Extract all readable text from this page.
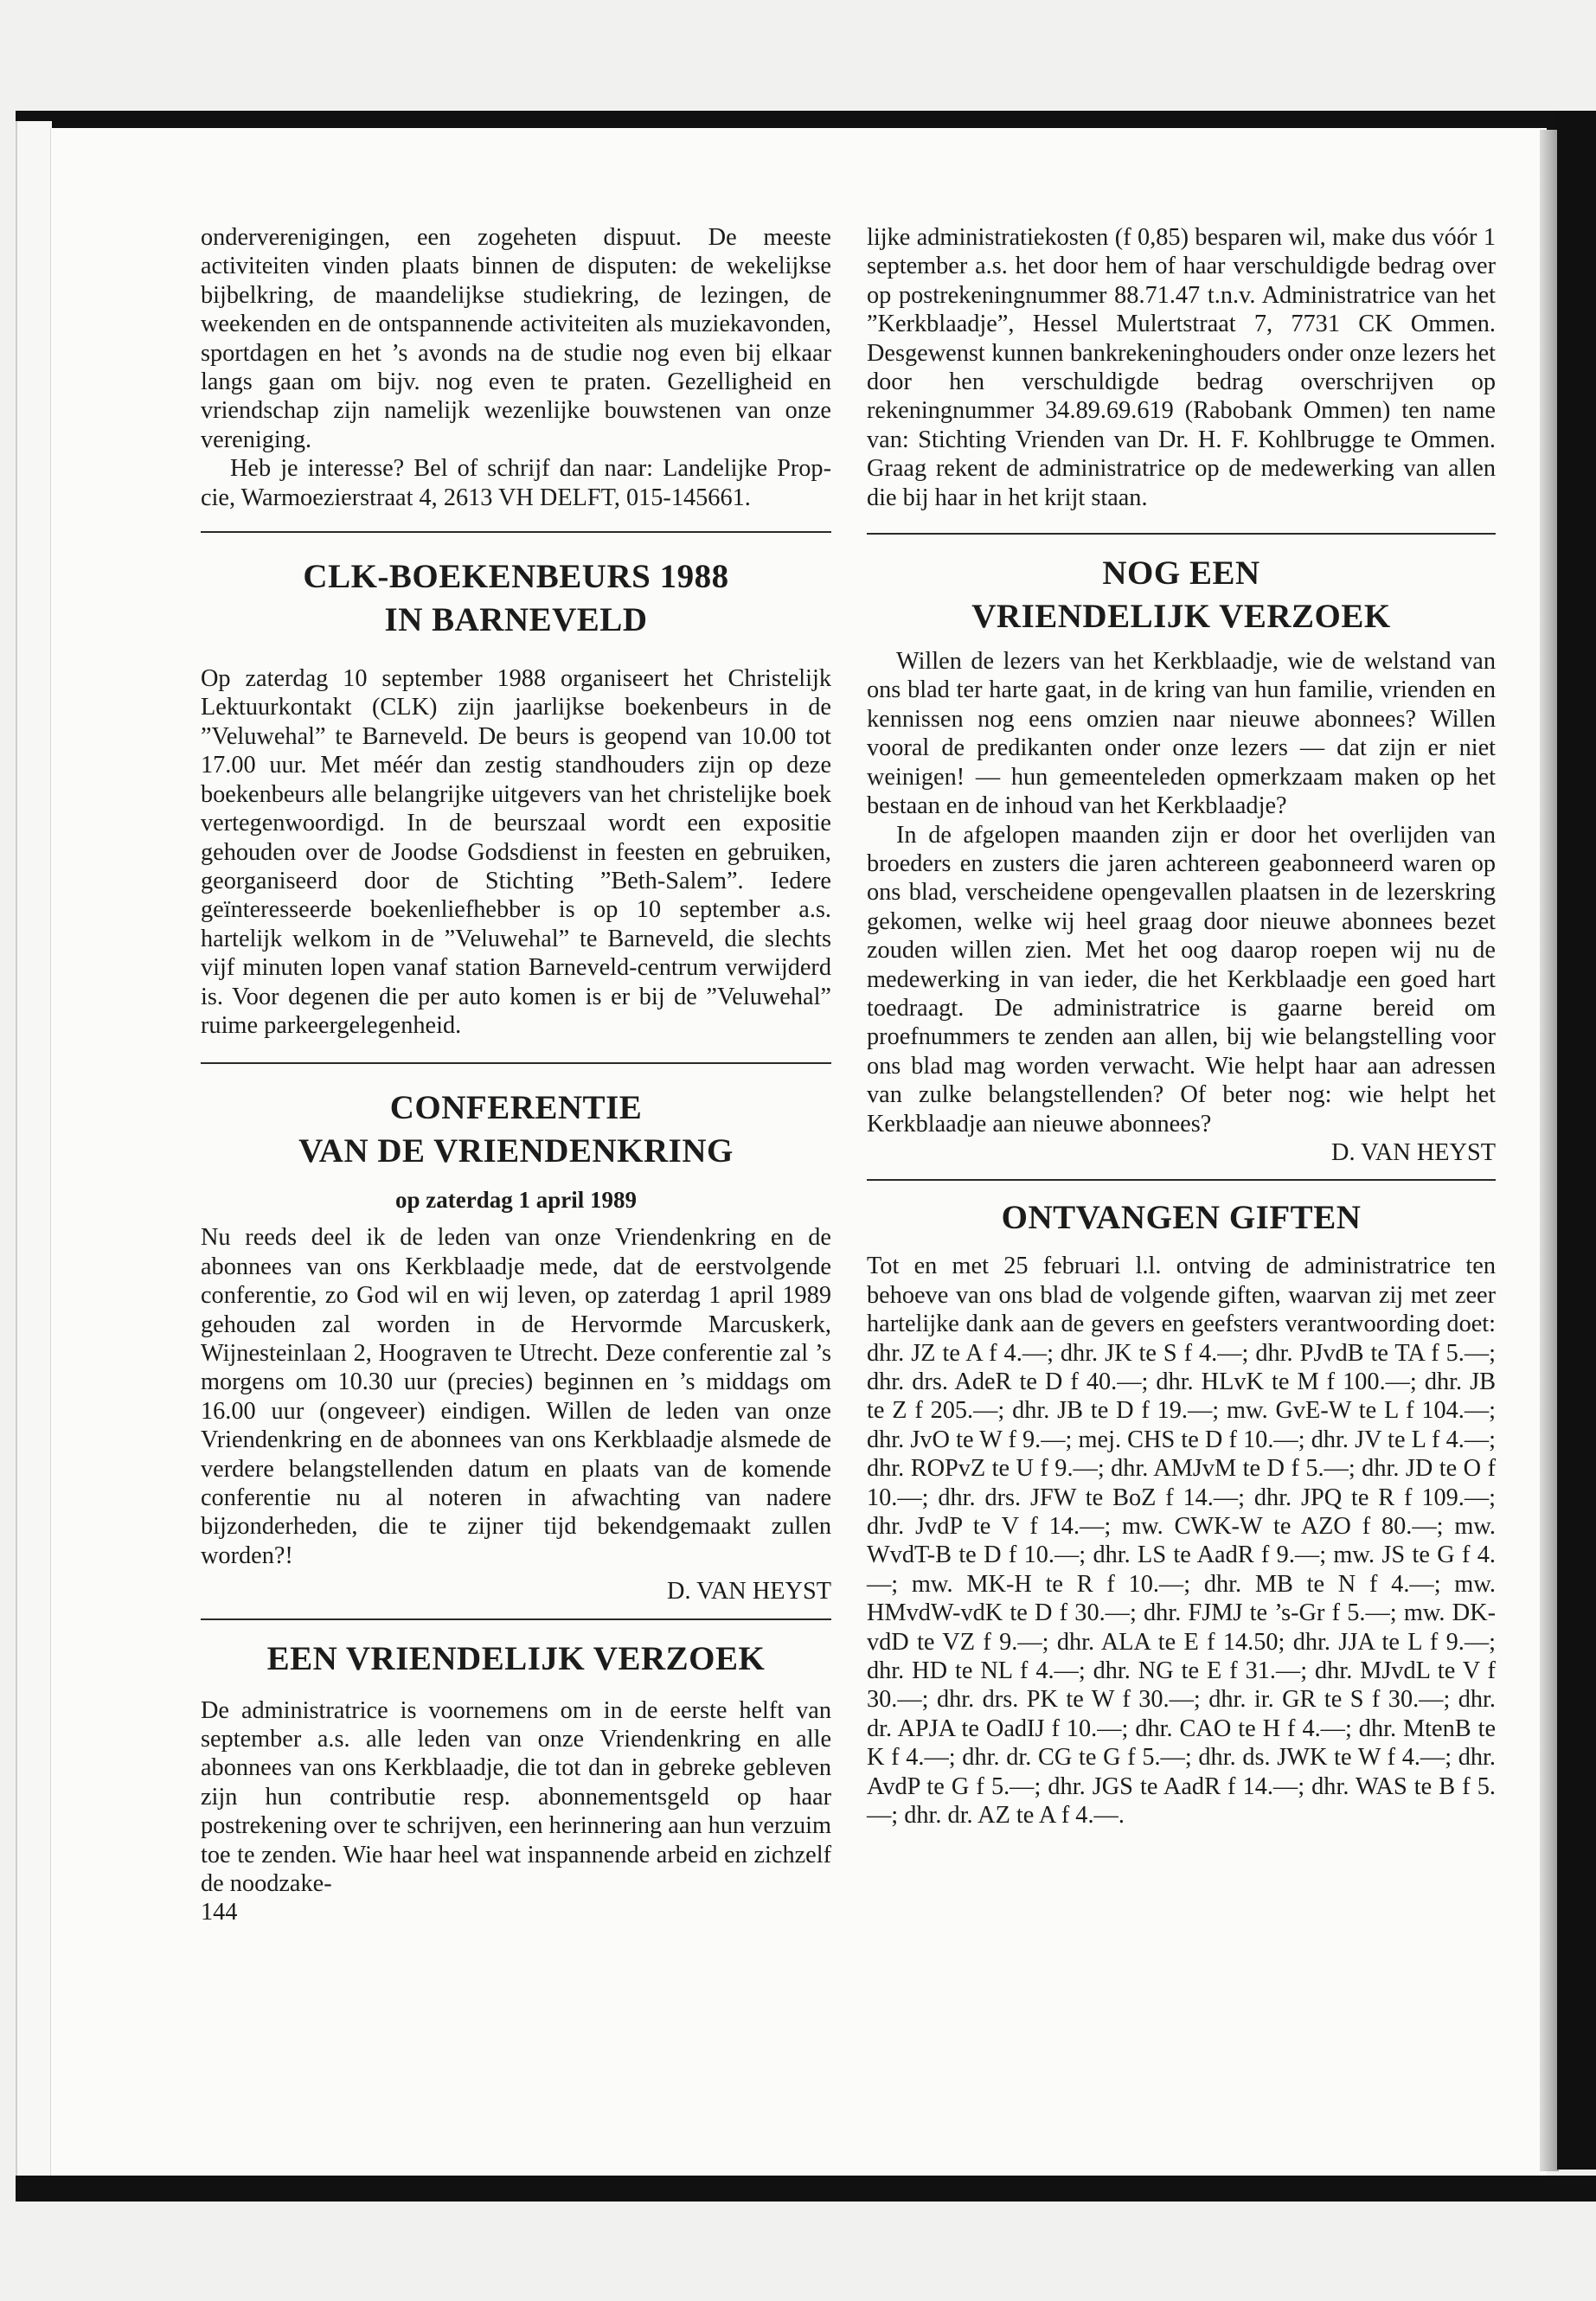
onderverenigingen, een zogeheten dispuut. De meeste activiteiten vinden plaats binnen de disputen: de wekelijkse bijbelkring, de maandelijkse studiekring, de lezingen, de weekenden en de ontspannende activiteiten als muziekavonden, sportdagen en het ’s avonds na de studie nog even bij elkaar langs gaan om bijv. nog even te praten. Gezelligheid en vriendschap zijn namelijk wezenlijke bouwstenen van onze vereniging.

Heb je interesse? Bel of schrijf dan naar: Landelijke Prop-cie, Warmoezierstraat 4, 2613 VH DELFT, 015-145661.

CLK-BOEKENBEURS 1988
IN BARNEVELD

Op zaterdag 10 september 1988 organiseert het Christelijk Lektuurkontakt (CLK) zijn jaarlijkse boekenbeurs in de ”Veluwehal” te Barneveld. De beurs is geopend van 10.00 tot 17.00 uur. Met méér dan zestig standhouders zijn op deze boekenbeurs alle belangrijke uitgevers van het christelijke boek vertegenwoordigd. In de beurszaal wordt een expositie gehouden over de Joodse Godsdienst in feesten en gebruiken, georganiseerd door de Stichting ”Beth-Salem”. Iedere geïnteresseerde boekenliefhebber is op 10 september a.s. hartelijk welkom in de ”Veluwehal” te Barneveld, die slechts vijf minuten lopen vanaf station Barneveld-centrum verwijderd is. Voor degenen die per auto komen is er bij de ”Veluwehal” ruime parkeergelegenheid.

CONFERENTIE
VAN DE VRIENDENKRING
op zaterdag 1 april 1989

Nu reeds deel ik de leden van onze Vriendenkring en de abonnees van ons Kerkblaadje mede, dat de eerstvolgende conferentie, zo God wil en wij leven, op zaterdag 1 april 1989 gehouden zal worden in de Hervormde Marcuskerk, Wijnesteinlaan 2, Hoograven te Utrecht. Deze conferentie zal ’s morgens om 10.30 uur (precies) beginnen en ’s middags om 16.00 uur (ongeveer) eindigen. Willen de leden van onze Vriendenkring en de abonnees van ons Kerkblaadje alsmede de verdere belangstellenden datum en plaats van de komende conferentie nu al noteren in afwachting van nadere bijzonderheden, die te zijner tijd bekendgemaakt zullen worden?!

D. VAN HEYST
EEN VRIENDELIJK VERZOEK

De administratrice is voornemens om in de eerste helft van september a.s. alle leden van onze Vriendenkring en alle abonnees van ons Kerkblaadje, die tot dan in gebreke gebleven zijn hun contributie resp. abonnementsgeld op haar postrekening over te schrijven, een herinnering aan hun verzuim toe te zenden. Wie haar heel wat inspannende arbeid en zichzelf de noodzake-

144

lijke administratiekosten (f 0,85) besparen wil, make dus vóór 1 september a.s. het door hem of haar verschuldigde bedrag over op postrekeningnummer 88.71.47 t.n.v. Administratrice van het ”Kerkblaadje”, Hessel Mulertstraat 7, 7731 CK Ommen. Desgewenst kunnen bankrekeninghouders onder onze lezers het door hen verschuldigde bedrag overschrijven op rekeningnummer 34.89.69.619 (Rabobank Ommen) ten name van: Stichting Vrienden van Dr. H. F. Kohlbrugge te Ommen. Graag rekent de administratrice op de medewerking van allen die bij haar in het krijt staan.

NOG EEN
VRIENDELIJK VERZOEK

Willen de lezers van het Kerkblaadje, wie de welstand van ons blad ter harte gaat, in de kring van hun familie, vrienden en kennissen nog eens omzien naar nieuwe abonnees? Willen vooral de predikanten onder onze lezers — dat zijn er niet weinigen! — hun gemeenteleden opmerkzaam maken op het bestaan en de inhoud van het Kerkblaadje?

In de afgelopen maanden zijn er door het overlijden van broeders en zusters die jaren achtereen geabonneerd waren op ons blad, verscheidene opengevallen plaatsen in de lezerskring gekomen, welke wij heel graag door nieuwe abonnees bezet zouden willen zien. Met het oog daarop roepen wij nu de medewerking in van ieder, die het Kerkblaadje een goed hart toedraagt. De administratrice is gaarne bereid om proefnummers te zenden aan allen, bij wie belangstelling voor ons blad mag worden verwacht. Wie helpt haar aan adressen van zulke belangstellenden? Of beter nog: wie helpt het Kerkblaadje aan nieuwe abonnees?

D. VAN HEYST
ONTVANGEN GIFTEN

Tot en met 25 februari l.l. ontving de administratrice ten behoeve van ons blad de volgende giften, waarvan zij met zeer hartelijke dank aan de gevers en geefsters verantwoording doet: dhr. JZ te A f 4.—; dhr. JK te S f 4.—; dhr. PJvdB te TA f 5.—; dhr. drs. AdeR te D f 40.—; dhr. HLvK te M f 100.—; dhr. JB te Z f 205.—; dhr. JB te D f 19.—; mw. GvE-W te L f 104.—; dhr. JvO te W f 9.—; mej. CHS te D f 10.—; dhr. JV te L f 4.—; dhr. ROPvZ te U f 9.—; dhr. AMJvM te D f 5.—; dhr. JD te O f 10.—; dhr. drs. JFW te BoZ f 14.—; dhr. JPQ te R f 109.—; dhr. JvdP te V f 14.—; mw. CWK-W te AZO f 80.—; mw. WvdT-B te D f 10.—; dhr. LS te AadR f 9.—; mw. JS te G f 4.—; mw. MK-H te R f 10.—; dhr. MB te N f 4.—; mw. HMvdW-vdK te D f 30.—; dhr. FJMJ te ’s-Gr f 5.—; mw. DK-vdD te VZ f 9.—; dhr. ALA te E f 14.50; dhr. JJA te L f 9.—; dhr. HD te NL f 4.—; dhr. NG te E f 31.—; dhr. MJvdL te V f 30.—; dhr. drs. PK te W f 30.—; dhr. ir. GR te S f 30.—; dhr. dr. APJA te OadIJ f 10.—; dhr. CAO te H f 4.—; dhr. MtenB te K f 4.—; dhr. dr. CG te G f 5.—; dhr. ds. JWK te W f 4.—; dhr. AvdP te G f 5.—; dhr. JGS te AadR f 14.—; dhr. WAS te B f 5.—; dhr. dr. AZ te A f 4.—.
